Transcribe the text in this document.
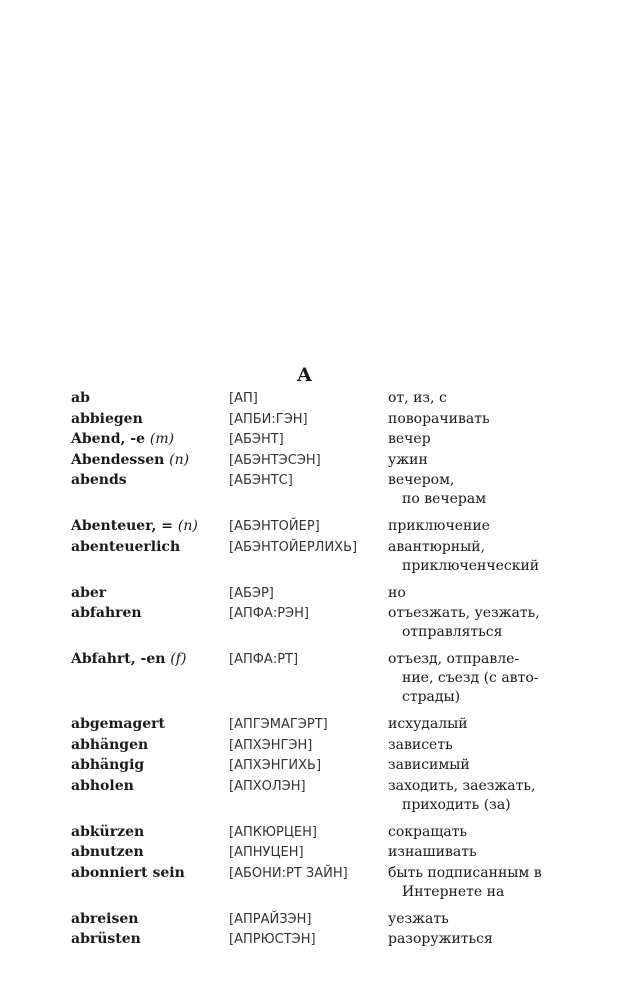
A
ab	[АП]	от, из, с
abbiegen	[АПБИ:ГЭН]	поворачивать
Abend, -e (m)	[АБЭНТ]	вечер
Abendessen (n)	[АБЭНТЭСЭН]	ужин
abends	[АБЭНТС]	вечером,
по вечерам
Abenteuer, = (n)	[АБЭНТОЙЕР]	приключение
abenteuerlich	[АБЭНТОЙЕРЛИХЬ]	авантюрный,
приключенческий
aber	[АБЭР]	но
abfahren	[АПФА:РЭН]	отъезжать, уезжать,
отправляться
Abfahrt, -en (f)	[АПФА:РТ]	отъезд, отправле-
ние, съезд (с авто-
страды)
abgemagert	[АПГЭМАГЭРТ]	исхудалый
abhängen	[АПХЭНГЭН]	зависеть
abhängig	[АПХЭНГИХЬ]	зависимый
abholen	[АПХОЛЭН]	заходить, заезжать,
приходить (за)
abkürzen	[АПКЮРЦЕН]	сокращать
abnutzen	[АПНУЦЕН]	изнашивать
abonniert sein	[АБОНИ:РТ ЗАЙН]	быть подписанным в
Интернете на
abreisen	[АПРАЙЗЭН]	уезжать
abrüsten	[АПРЮСТЭН]	разоружиться
